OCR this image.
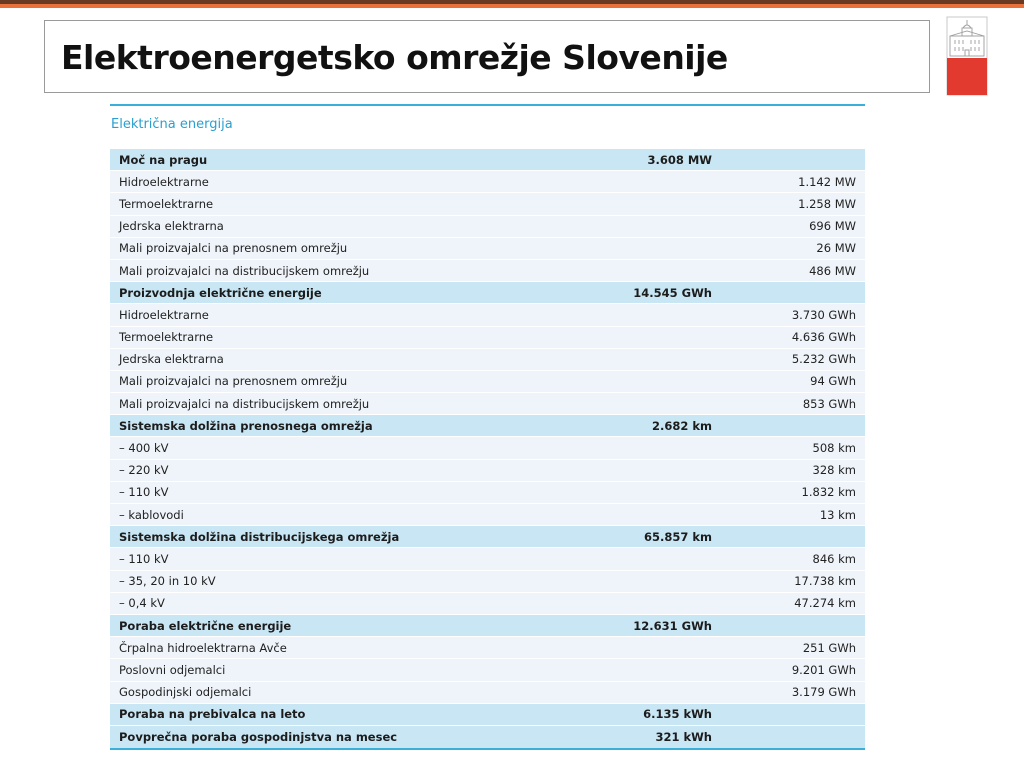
Elektroenergetsko omrežje Slovenije
Električna energija
Moč na pragu	3.608 MW	
Hidroelektrarne		1.142 MW
Termoelektrarne		1.258 MW
Jedrska elektrarna		696 MW
Mali proizvajalci na prenosnem omrežju		26 MW
Mali proizvajalci na distribucijskem omrežju		486 MW
Proizvodnja električne energije	14.545 GWh	
Hidroelektrarne		3.730 GWh
Termoelektrarne		4.636 GWh
Jedrska elektrarna		5.232 GWh
Mali proizvajalci na prenosnem omrežju		94 GWh
Mali proizvajalci na distribucijskem omrežju		853 GWh
Sistemska dolžina prenosnega omrežja	2.682 km	
– 400 kV		508 km
– 220 kV		328 km
– 110 kV		1.832 km
– kablovodi		13 km
Sistemska dolžina distribucijskega omrežja	65.857 km	
– 110 kV		846 km
– 35, 20 in 10 kV		17.738 km
– 0,4 kV		47.274 km
Poraba električne energije	12.631 GWh	
Črpalna hidroelektrarna Avče		251 GWh
Poslovni odjemalci		9.201 GWh
Gospodinjski odjemalci		3.179 GWh
Poraba na prebivalca na leto	6.135 kWh	
Povprečna poraba gospodinjstva na mesec	321 kWh	
